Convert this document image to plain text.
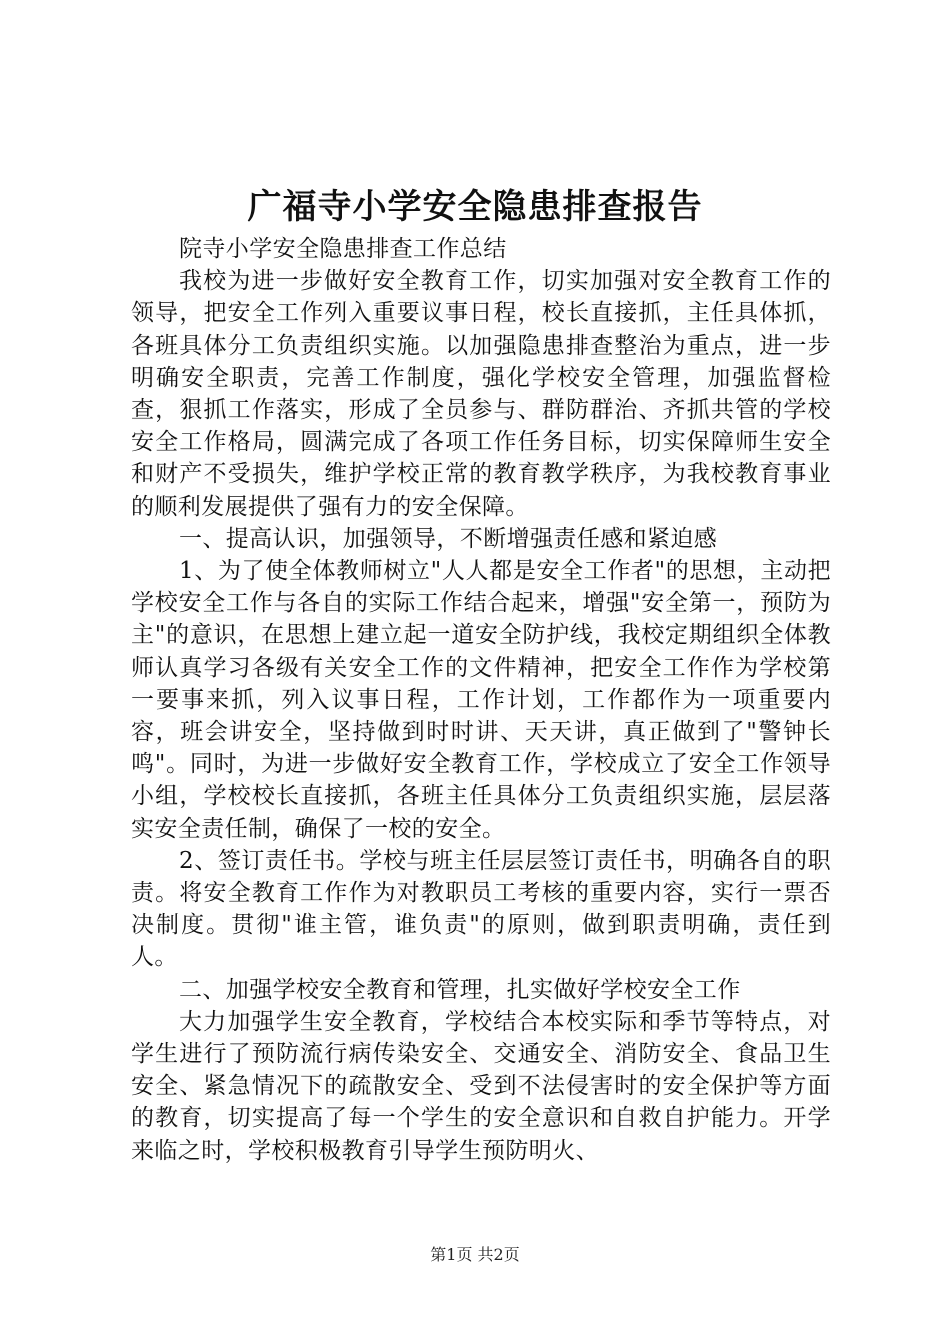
广福寺小学安全隐患排查报告

院寺小学安全隐患排查工作总结

我校为进一步做好安全教育工作，切实加强对安全教育工作的领导，把安全工作列入重要议事日程，校长直接抓，主任具体抓，各班具体分工负责组织实施。以加强隐患排查整治为重点，进一步明确安全职责，完善工作制度，强化学校安全管理，加强监督检查，狠抓工作落实，形成了全员参与、群防群治、齐抓共管的学校安全工作格局，圆满完成了各项工作任务目标，切实保障师生安全和财产不受损失，维护学校正常的教育教学秩序，为我校教育事业的顺利发展提供了强有力的安全保障。

一、提高认识，加强领导，不断增强责任感和紧迫感

1、为了使全体教师树立"人人都是安全工作者"的思想，主动把学校安全工作与各自的实际工作结合起来，增强"安全第一，预防为主"的意识，在思想上建立起一道安全防护线，我校定期组织全体教师认真学习各级有关安全工作的文件精神，把安全工作作为学校第一要事来抓，列入议事日程，工作计划，工作都作为一项重要内容，班会讲安全，坚持做到时时讲、天天讲，真正做到了"警钟长鸣"。同时，为进一步做好安全教育工作，学校成立了安全工作领导小组，学校校长直接抓，各班主任具体分工负责组织实施，层层落实安全责任制，确保了一校的安全。

2、签订责任书。学校与班主任层层签订责任书，明确各自的职责。将安全教育工作作为对教职员工考核的重要内容，实行一票否决制度。贯彻"谁主管，谁负责"的原则，做到职责明确，责任到人。

二、加强学校安全教育和管理，扎实做好学校安全工作

大力加强学生安全教育，学校结合本校实际和季节等特点，对学生进行了预防流行病传染安全、交通安全、消防安全、食品卫生安全、紧急情况下的疏散安全、受到不法侵害时的安全保护等方面的教育，切实提高了每一个学生的安全意识和自救自护能力。开学来临之时，学校积极教育引导学生预防明火、

第1页 共2页
